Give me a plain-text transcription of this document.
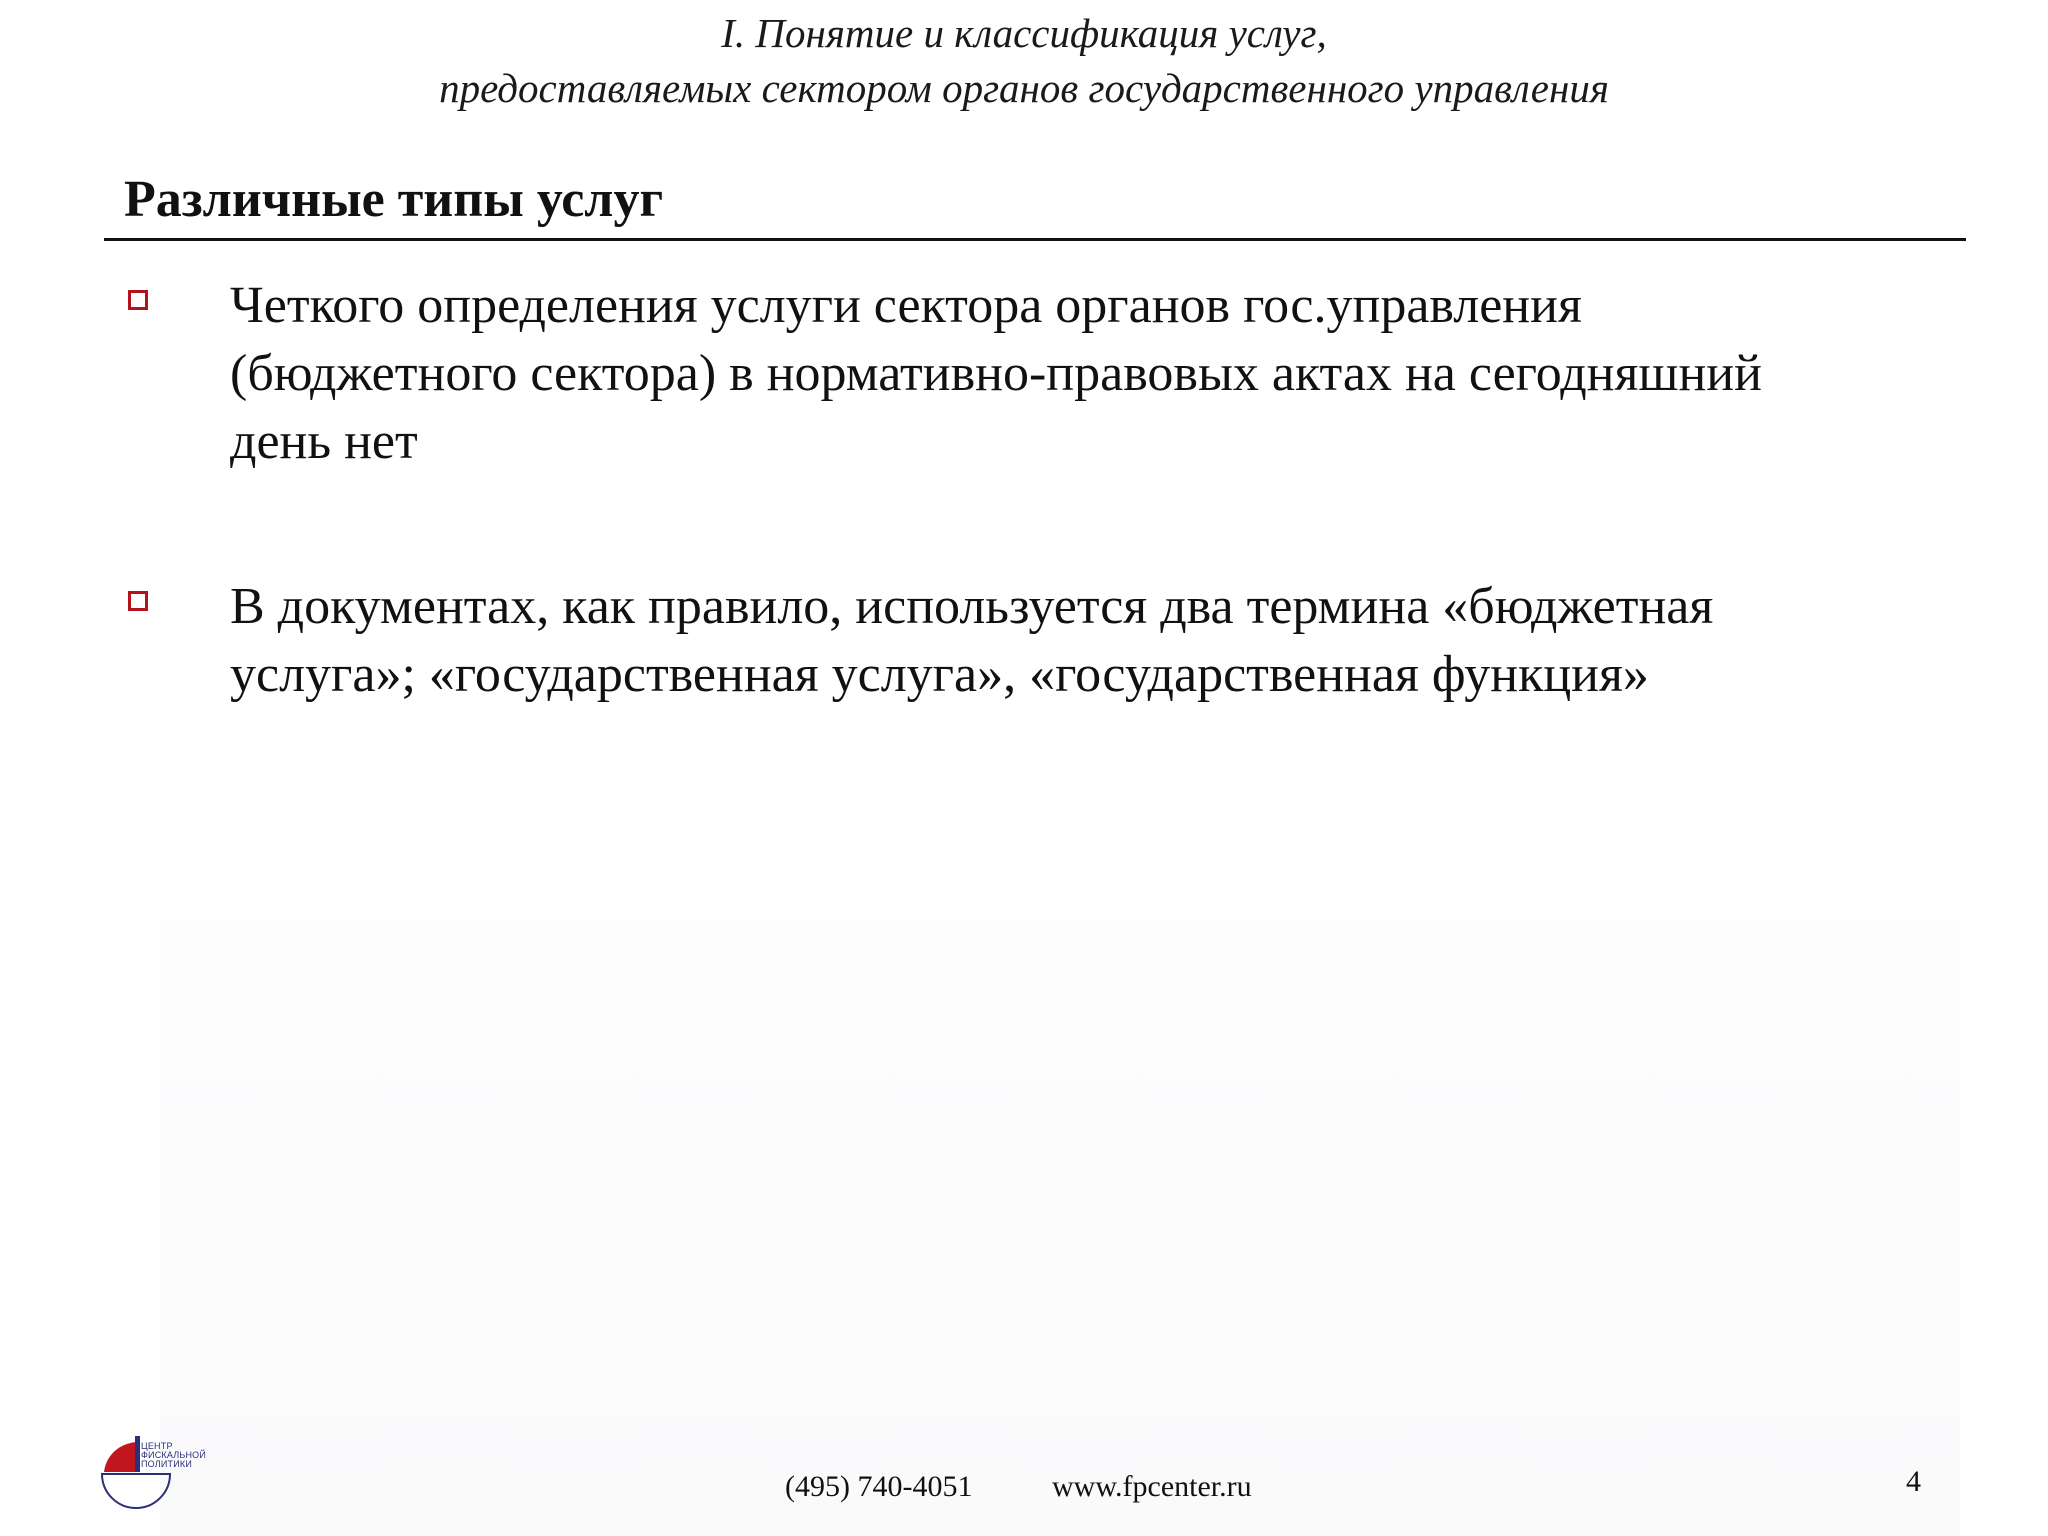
I. Понятие и классификация услуг,
предоставляемых сектором органов государственного управления
Различные типы услуг
Четкого определения услуги сектора органов гос.управления
(бюджетного сектора) в нормативно-правовых актах на сегодняшний
день нет
В документах, как правило, используется два термина «бюджетная
услуга»; «государственная услуга», «государственная функция»
ЦЕНТР
ФИСКАЛЬНОЙ
ПОЛИТИКИ
(495) 740-4051	www.fpcenter.ru	4
